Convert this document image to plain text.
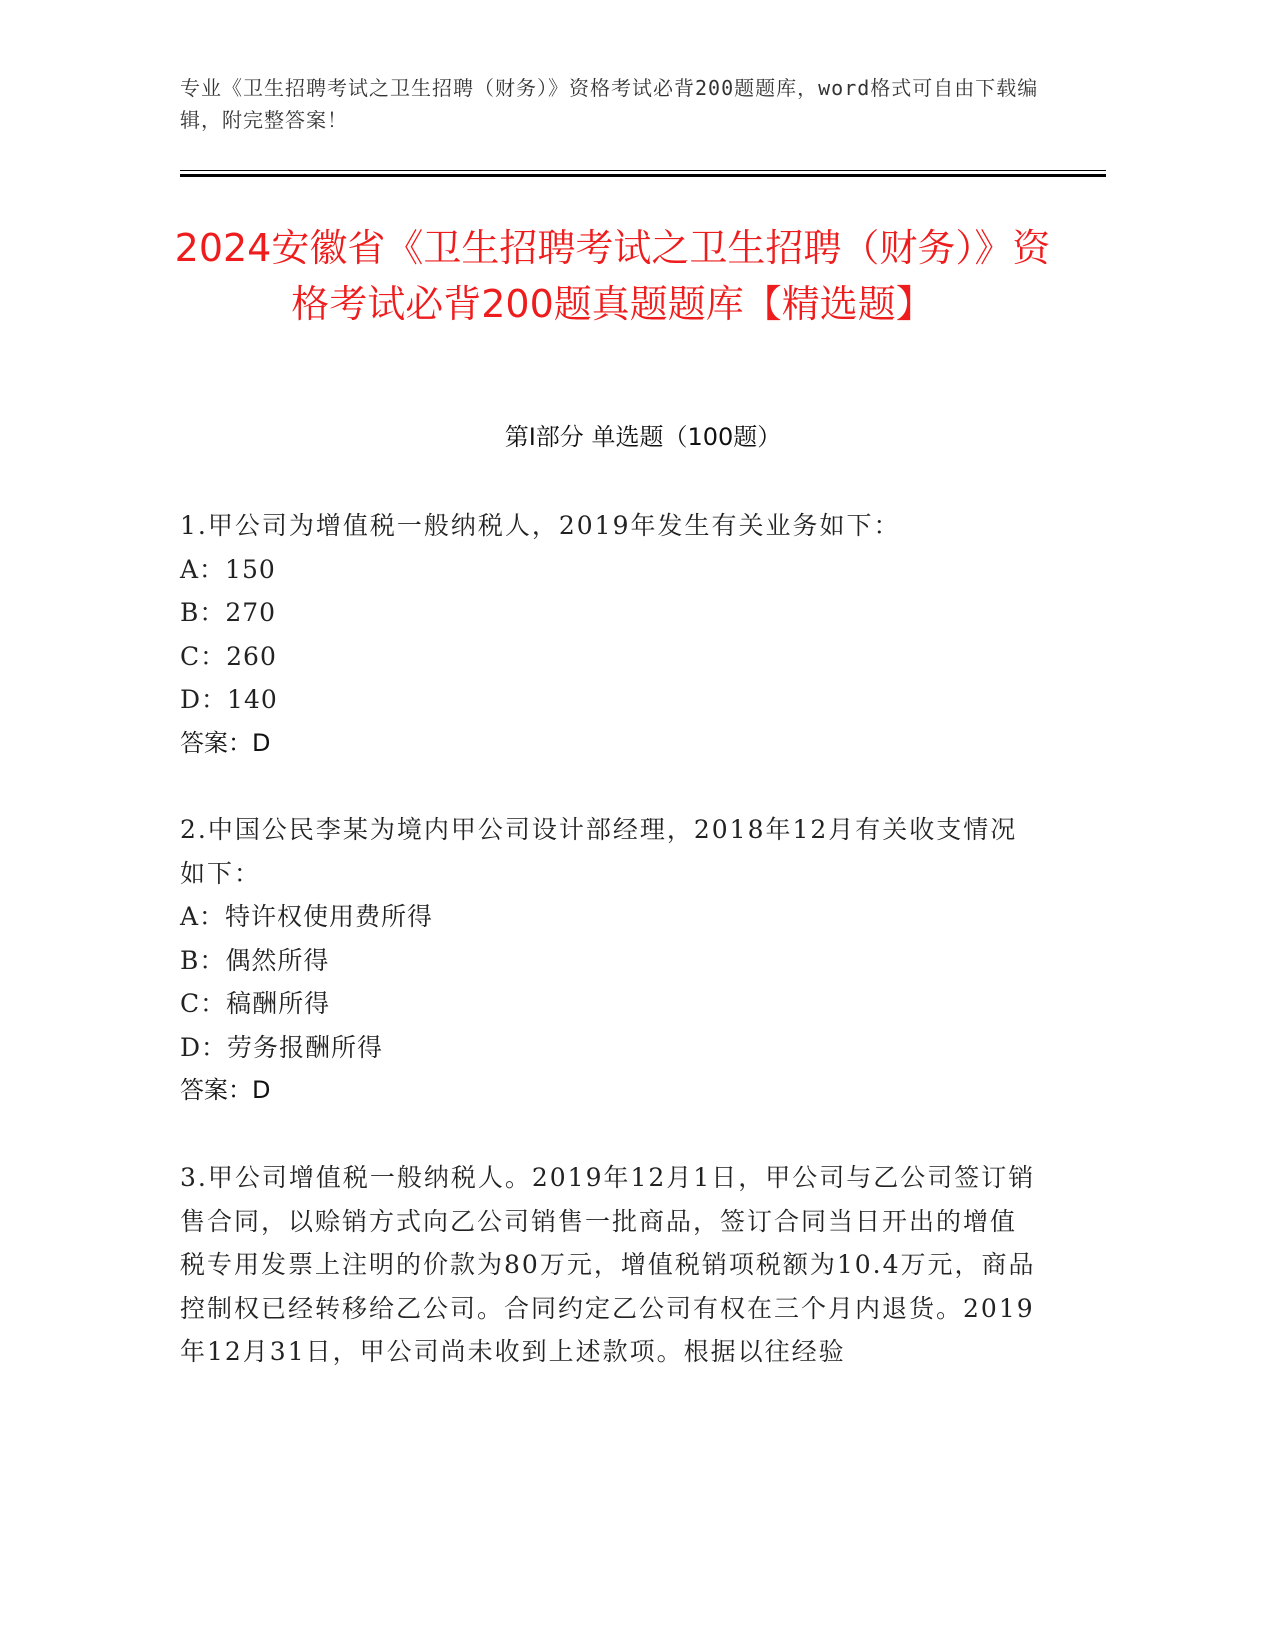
专业《卫生招聘考试之卫生招聘（财务）》资格考试必背200题题库，word格式可自由下载编辑，附完整答案！
2024安徽省《卫生招聘考试之卫生招聘（财务）》资格考试必背200题真题题库【精选题】
第I部分 单选题（100题）
1.甲公司为增值税一般纳税人，2019年发生有关业务如下：
A：150
B：270
C：260
D：140
答案：D
2.中国公民李某为境内甲公司设计部经理，2018年12月有关收支情况如下：
A：特许权使用费所得
B：偶然所得
C：稿酬所得
D：劳务报酬所得
答案：D
3.甲公司增值税一般纳税人。2019年12月1日，甲公司与乙公司签订销售合同，以赊销方式向乙公司销售一批商品，签订合同当日开出的增值税专用发票上注明的价款为80万元，增值税销项税额为10.4万元，商品控制权已经转移给乙公司。合同约定乙公司有权在三个月内退货。2019年12月31日，甲公司尚未收到上述款项。根据以往经验
